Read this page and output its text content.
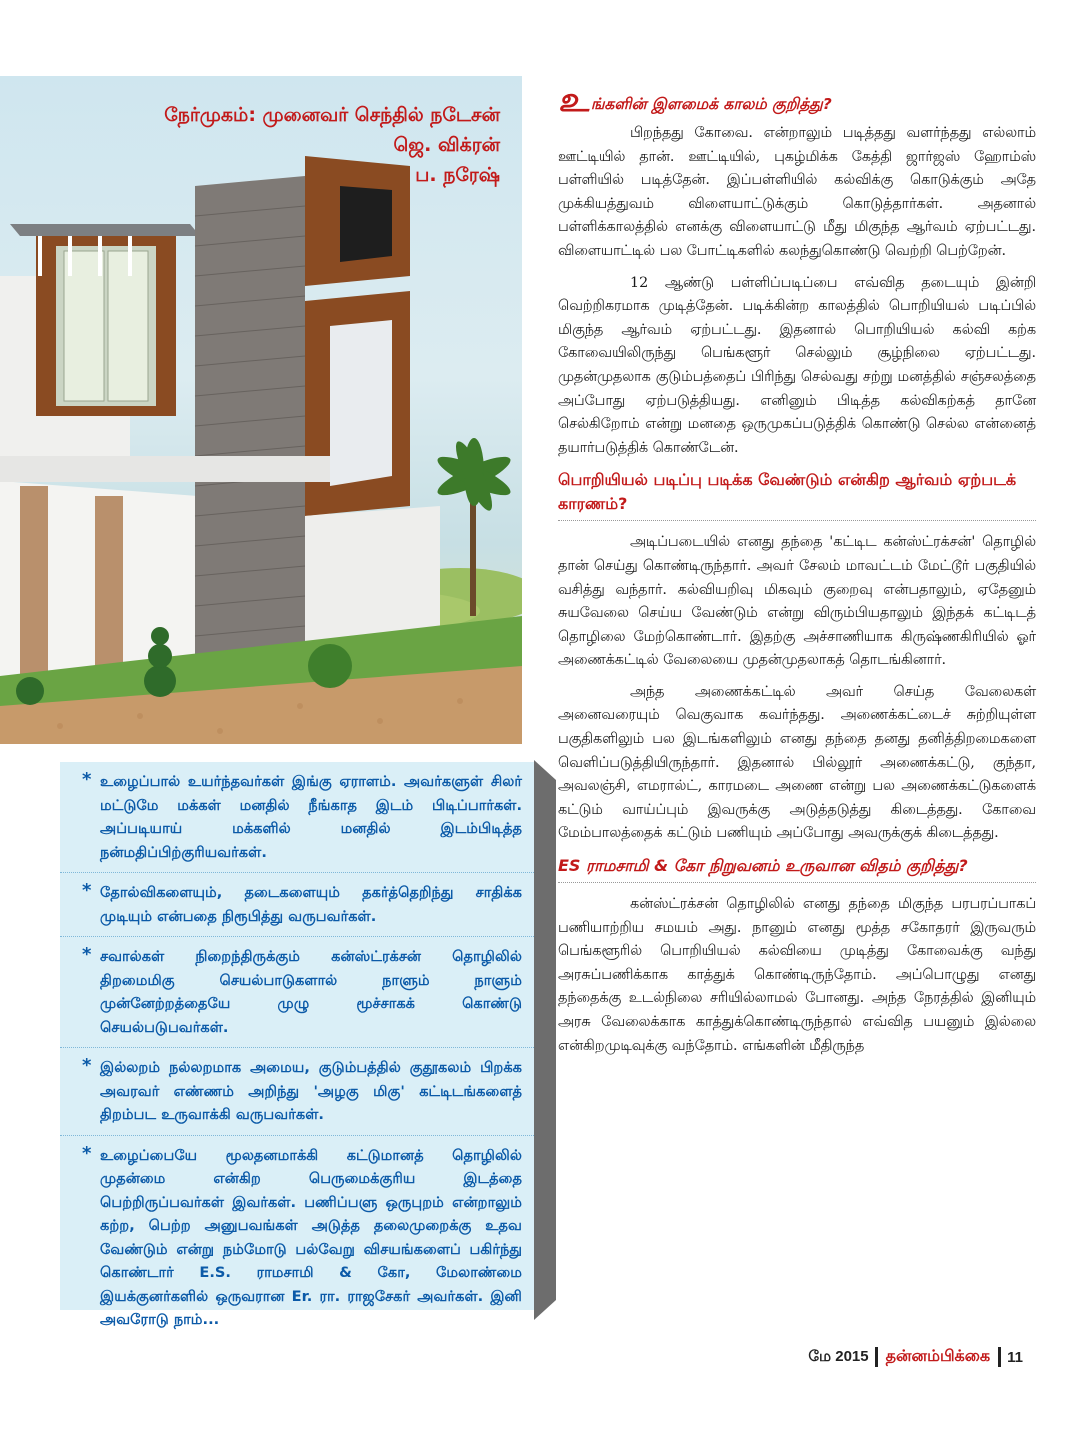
நேர்முகம்: முனைவர் செந்தில் நடேசன்
ஜெ. விக்ரன்
ப. நரேஷ்
* உழைப்பால் உயர்ந்தவர்கள் இங்கு ஏராளம். அவர்களுள் சிலர் மட்டுமே மக்கள் மனதில் நீங்காத இடம் பிடிப்பார்கள். அப்படியாய் மக்களில் மனதில் இடம்பிடித்த நன்மதிப்பிற்குரியவர்கள்.
* தோல்விகளையும், தடைகளையும் தகர்த்தெறிந்து சாதிக்க முடியும் என்பதை நிரூபித்து வருபவர்கள்.
* சவால்கள் நிறைந்திருக்கும் கன்ஸ்ட்ரக்சன் தொழிலில் திறமைமிகு செயல்பாடுகளால் நாளும் நாளும் முன்னேற்றத்தையே முழு மூச்சாகக் கொண்டு செயல்படுபவர்கள்.
* இல்லறம் நல்லறமாக அமைய, குடும்பத்தில் குதூகலம் பிறக்க அவரவர் எண்ணம் அறிந்து 'அழகு மிகு' கட்டிடங்களைத் திறம்பட உருவாக்கி வருபவர்கள்.
* உழைப்பையே மூலதனமாக்கி கட்டுமானத் தொழிலில் முதன்மை என்கிற பெருமைக்குரிய இடத்தை பெற்றிருப்பவர்கள் இவர்கள். பணிப்பளு ஒருபுறம் என்றாலும் கற்ற, பெற்ற அனுபவங்கள் அடுத்த தலைமுறைக்கு உதவ வேண்டும் என்று நம்மோடு பல்வேறு விசயங்களைப் பகிர்ந்து கொண்டார் E.S. ராமசாமி & கோ, மேலாண்மை இயக்குனர்களில் ஒருவரான Er. ரா. ராஜசேகர் அவர்கள். இனி அவரோடு நாம்...
உங்களின் இளமைக் காலம் குறித்து?

பிறந்தது கோவை. என்றாலும் படித்தது வளர்ந்தது எல்லாம் ஊட்டியில் தான். ஊட்டியில், புகழ்மிக்க கேத்தி ஜார்ஜஸ் ஹோம்ஸ் பள்ளியில் படித்தேன். இப்பள்ளியில் கல்விக்கு கொடுக்கும் அதே முக்கியத்துவம் விளையாட்டுக்கும் கொடுத்தார்கள். அதனால் பள்ளிக்காலத்தில் எனக்கு விளையாட்டு மீது மிகுந்த ஆர்வம் ஏற்பட்டது. விளையாட்டில் பல போட்டிகளில் கலந்துகொண்டு வெற்றி பெற்றேன்.

12 ஆண்டு பள்ளிப்படிப்பை எவ்வித தடையும் இன்றி வெற்றிகரமாக முடித்தேன். படிக்கின்ற காலத்தில் பொறியியல் படிப்பில் மிகுந்த ஆர்வம் ஏற்பட்டது. இதனால் பொறியியல் கல்வி கற்க கோவையிலிருந்து பெங்களூர் செல்லும் சூழ்நிலை ஏற்பட்டது. முதன்முதலாக குடும்பத்தைப் பிரிந்து செல்வது சற்று மனத்தில் சஞ்சலத்தை அப்போது ஏற்படுத்தியது. எனினும் பிடித்த கல்விகற்கத் தானே செல்கிறோம் என்று மனதை ஒருமுகப்படுத்திக் கொண்டு செல்ல என்னைத் தயார்படுத்திக் கொண்டேன்.

பொறியியல் படிப்பு படிக்க வேண்டும் என்கிற ஆர்வம் ஏற்படக் காரணம்?

அடிப்படையில் எனது தந்தை 'கட்டிட கன்ஸ்ட்ரக்சன்' தொழில் தான் செய்து கொண்டிருந்தார். அவர் சேலம் மாவட்டம் மேட்டூர் பகுதியில் வசித்து வந்தார். கல்வியறிவு மிகவும் குறைவு என்பதாலும், ஏதேனும் சுயவேலை செய்ய வேண்டும் என்று விரும்பியதாலும் இந்தக் கட்டிடத் தொழிலை மேற்கொண்டார். இதற்கு அச்சாணியாக கிருஷ்ணகிரியில் ஓர் அணைக்கட்டில் வேலையை முதன்முதலாகத் தொடங்கினார்.

அந்த அணைக்கட்டில் அவர் செய்த வேலைகள் அனைவரையும் வெகுவாக கவர்ந்தது. அணைக்கட்டைச் சுற்றியுள்ள பகுதிகளிலும் பல இடங்களிலும் எனது தந்தை தனது தனித்திறமைகளை வெளிப்படுத்தியிருந்தார். இதனால் பில்லூர் அணைக்கட்டு, குந்தா, அவலஞ்சி, எமரால்ட், காரமடை அணை என்று பல அணைக்கட்டுகளைக் கட்டும் வாய்ப்பும் இவருக்கு அடுத்தடுத்து கிடைத்தது. கோவை மேம்பாலத்தைக் கட்டும் பணியும் அப்போது அவருக்குக் கிடைத்தது.

ES ராமசாமி & கோ நிறுவனம் உருவான விதம் குறித்து?

கன்ஸ்ட்ரக்சன் தொழிலில் எனது தந்தை மிகுந்த பரபரப்பாகப் பணியாற்றிய சமயம் அது. நானும் எனது மூத்த சகோதரர் இருவரும் பெங்களூரில் பொறியியல் கல்வியை முடித்து கோவைக்கு வந்து அரசுப்பணிக்காக காத்துக் கொண்டிருந்தோம். அப்பொழுது எனது தந்தைக்கு உடல்நிலை சரியில்லாமல் போனது. அந்த நேரத்தில் இனியும் அரசு வேலைக்காக காத்துக்கொண்டிருந்தால் எவ்வித பயனும் இல்லை என்கிறமுடிவுக்கு வந்தோம். எங்களின் மீதிருந்த

மே 2015	தன்னம்பிக்கை	11
